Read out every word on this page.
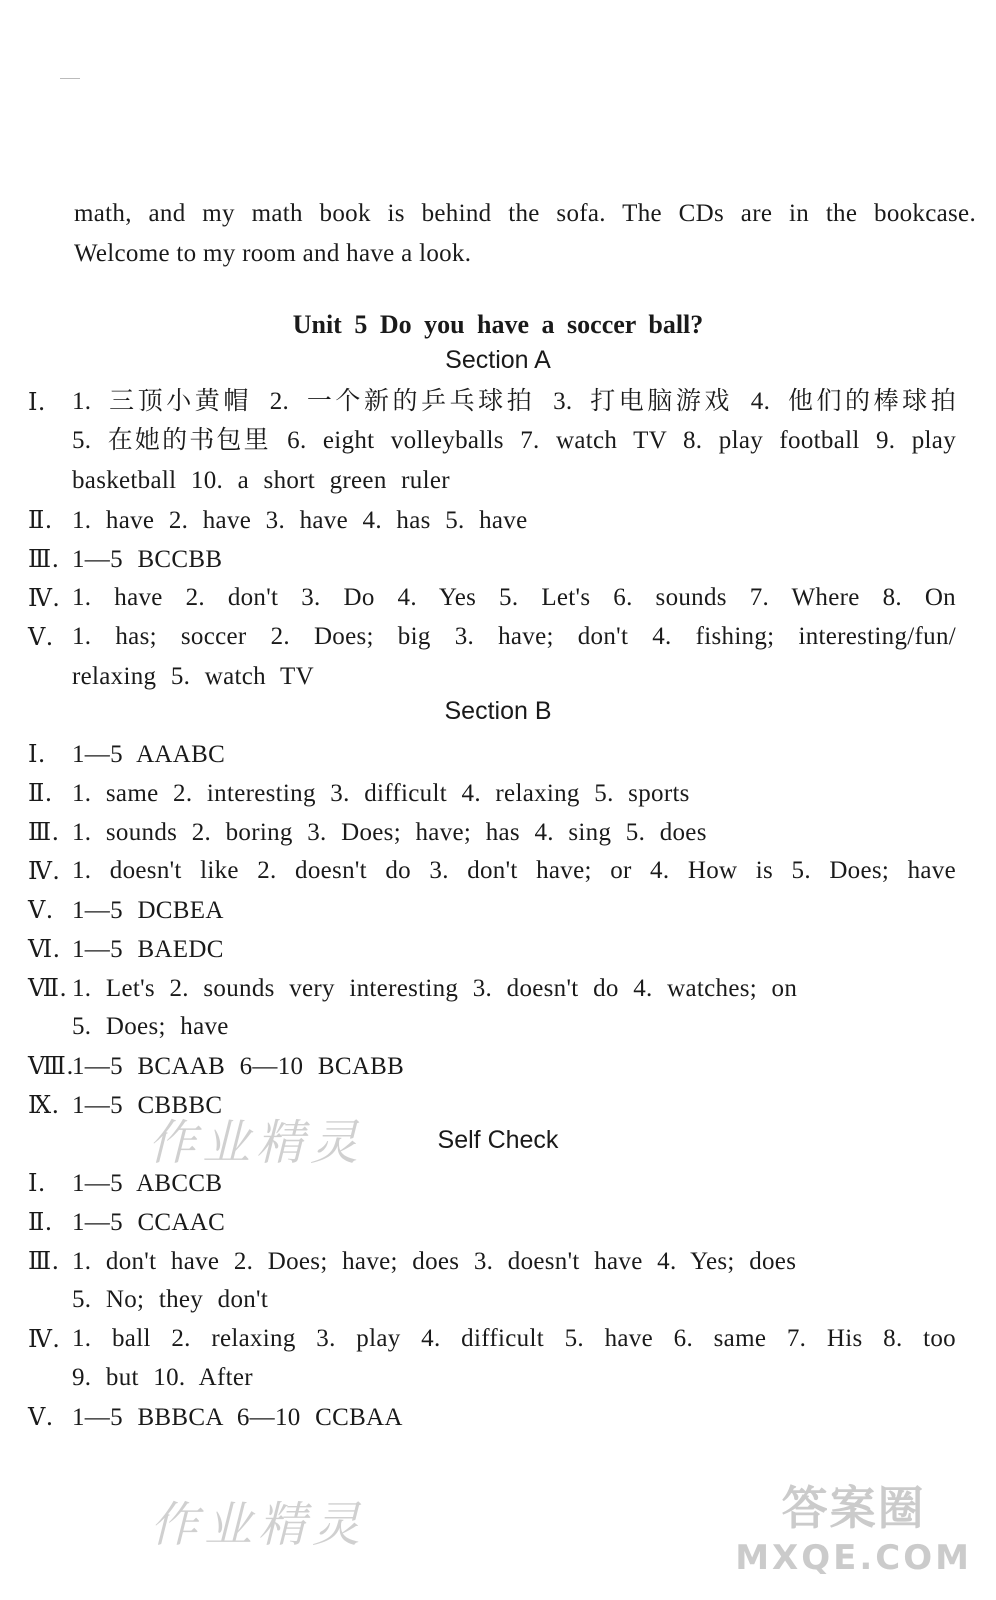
math, and my math book is behind the sofa. The CDs are in the bookcase.

Welcome to my room and have a look.

Unit 5 Do you have a soccer ball?
Section A
Ⅰ. 1. 三顶小黄帽 2. 一个新的乒乓球拍 3. 打电脑游戏 4. 他们的棒球拍
5. 在她的书包里 6. eight volleyballs 7. watch TV 8. play football 9. play
basketball 10. a short green ruler
Ⅱ. 1. have 2. have 3. have 4. has 5. have
Ⅲ. 1—5 BCCBB
Ⅳ. 1. have 2. don't 3. Do 4. Yes 5. Let's 6. sounds 7. Where 8. On
Ⅴ. 1. has; soccer 2. Does; big 3. have; don't 4. fishing; interesting/fun/
relaxing 5. watch TV
Section B
Ⅰ. 1—5 AAABC
Ⅱ. 1. same 2. interesting 3. difficult 4. relaxing 5. sports
Ⅲ. 1. sounds 2. boring 3. Does; have; has 4. sing 5. does
Ⅳ. 1. doesn't like 2. doesn't do 3. don't have; or 4. How is 5. Does; have
Ⅴ. 1—5 DCBEA
Ⅵ. 1—5 BAEDC
Ⅶ. 1. Let's 2. sounds very interesting 3. doesn't do 4. watches; on
5. Does; have
Ⅷ.1—5 BCAAB 6—10 BCABB
Ⅸ. 1—5 CBBBC
Self Check
Ⅰ. 1—5 ABCCB
Ⅱ. 1—5 CCAAC
Ⅲ. 1. don't have 2. Does; have; does 3. doesn't have 4. Yes; does
5. No; they don't
Ⅳ. 1. ball 2. relaxing 3. play 4. difficult 5. have 6. same 7. His 8. too
9. but 10. After
Ⅴ. 1—5 BBBCA 6—10 CCBAA
作业精灵
作业精灵	答案圈
MXQE.COM
